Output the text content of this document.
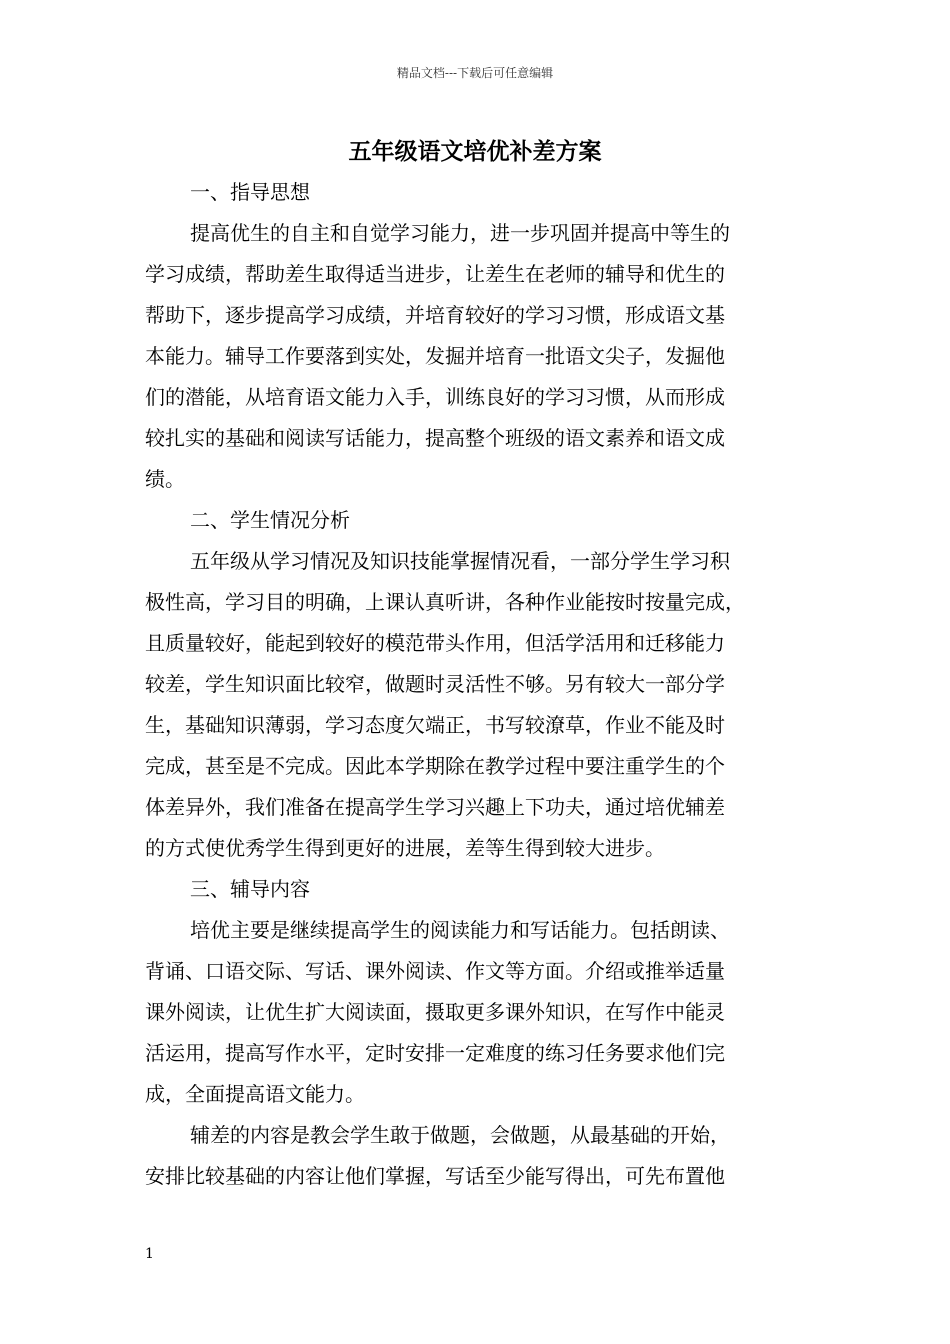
精品文档---下载后可任意编辑
五年级语文培优补差方案

一、指导思想

提高优生的自主和自觉学习能力，进一步巩固并提高中等生的
学习成绩，帮助差生取得适当进步，让差生在老师的辅导和优生的
帮助下，逐步提高学习成绩，并培育较好的学习习惯，形成语文基
本能力。辅导工作要落到实处，发掘并培育一批语文尖子，发掘他
们的潜能，从培育语文能力入手，训练良好的学习习惯，从而形成
较扎实的基础和阅读写话能力，提高整个班级的语文素养和语文成
绩。

二、学生情况分析

五年级从学习情况及知识技能掌握情况看，一部分学生学习积
极性高，学习目的明确，上课认真听讲，各种作业能按时按量完成，
且质量较好，能起到较好的模范带头作用，但活学活用和迁移能力
较差，学生知识面比较窄，做题时灵活性不够。另有较大一部分学
生，基础知识薄弱，学习态度欠端正，书写较潦草，作业不能及时
完成，甚至是不完成。因此本学期除在教学过程中要注重学生的个
体差异外，我们准备在提高学生学习兴趣上下功夫，通过培优辅差
的方式使优秀学生得到更好的进展，差等生得到较大进步。

三、辅导内容

培优主要是继续提高学生的阅读能力和写话能力。包括朗读、
背诵、口语交际、写话、课外阅读、作文等方面。介绍或推举适量
课外阅读，让优生扩大阅读面，摄取更多课外知识，在写作中能灵
活运用，提高写作水平，定时安排一定难度的练习任务要求他们完
成，全面提高语文能力。

辅差的内容是教会学生敢于做题，会做题，从最基础的开始，
安排比较基础的内容让他们掌握，写话至少能写得出，可先布置他

1
